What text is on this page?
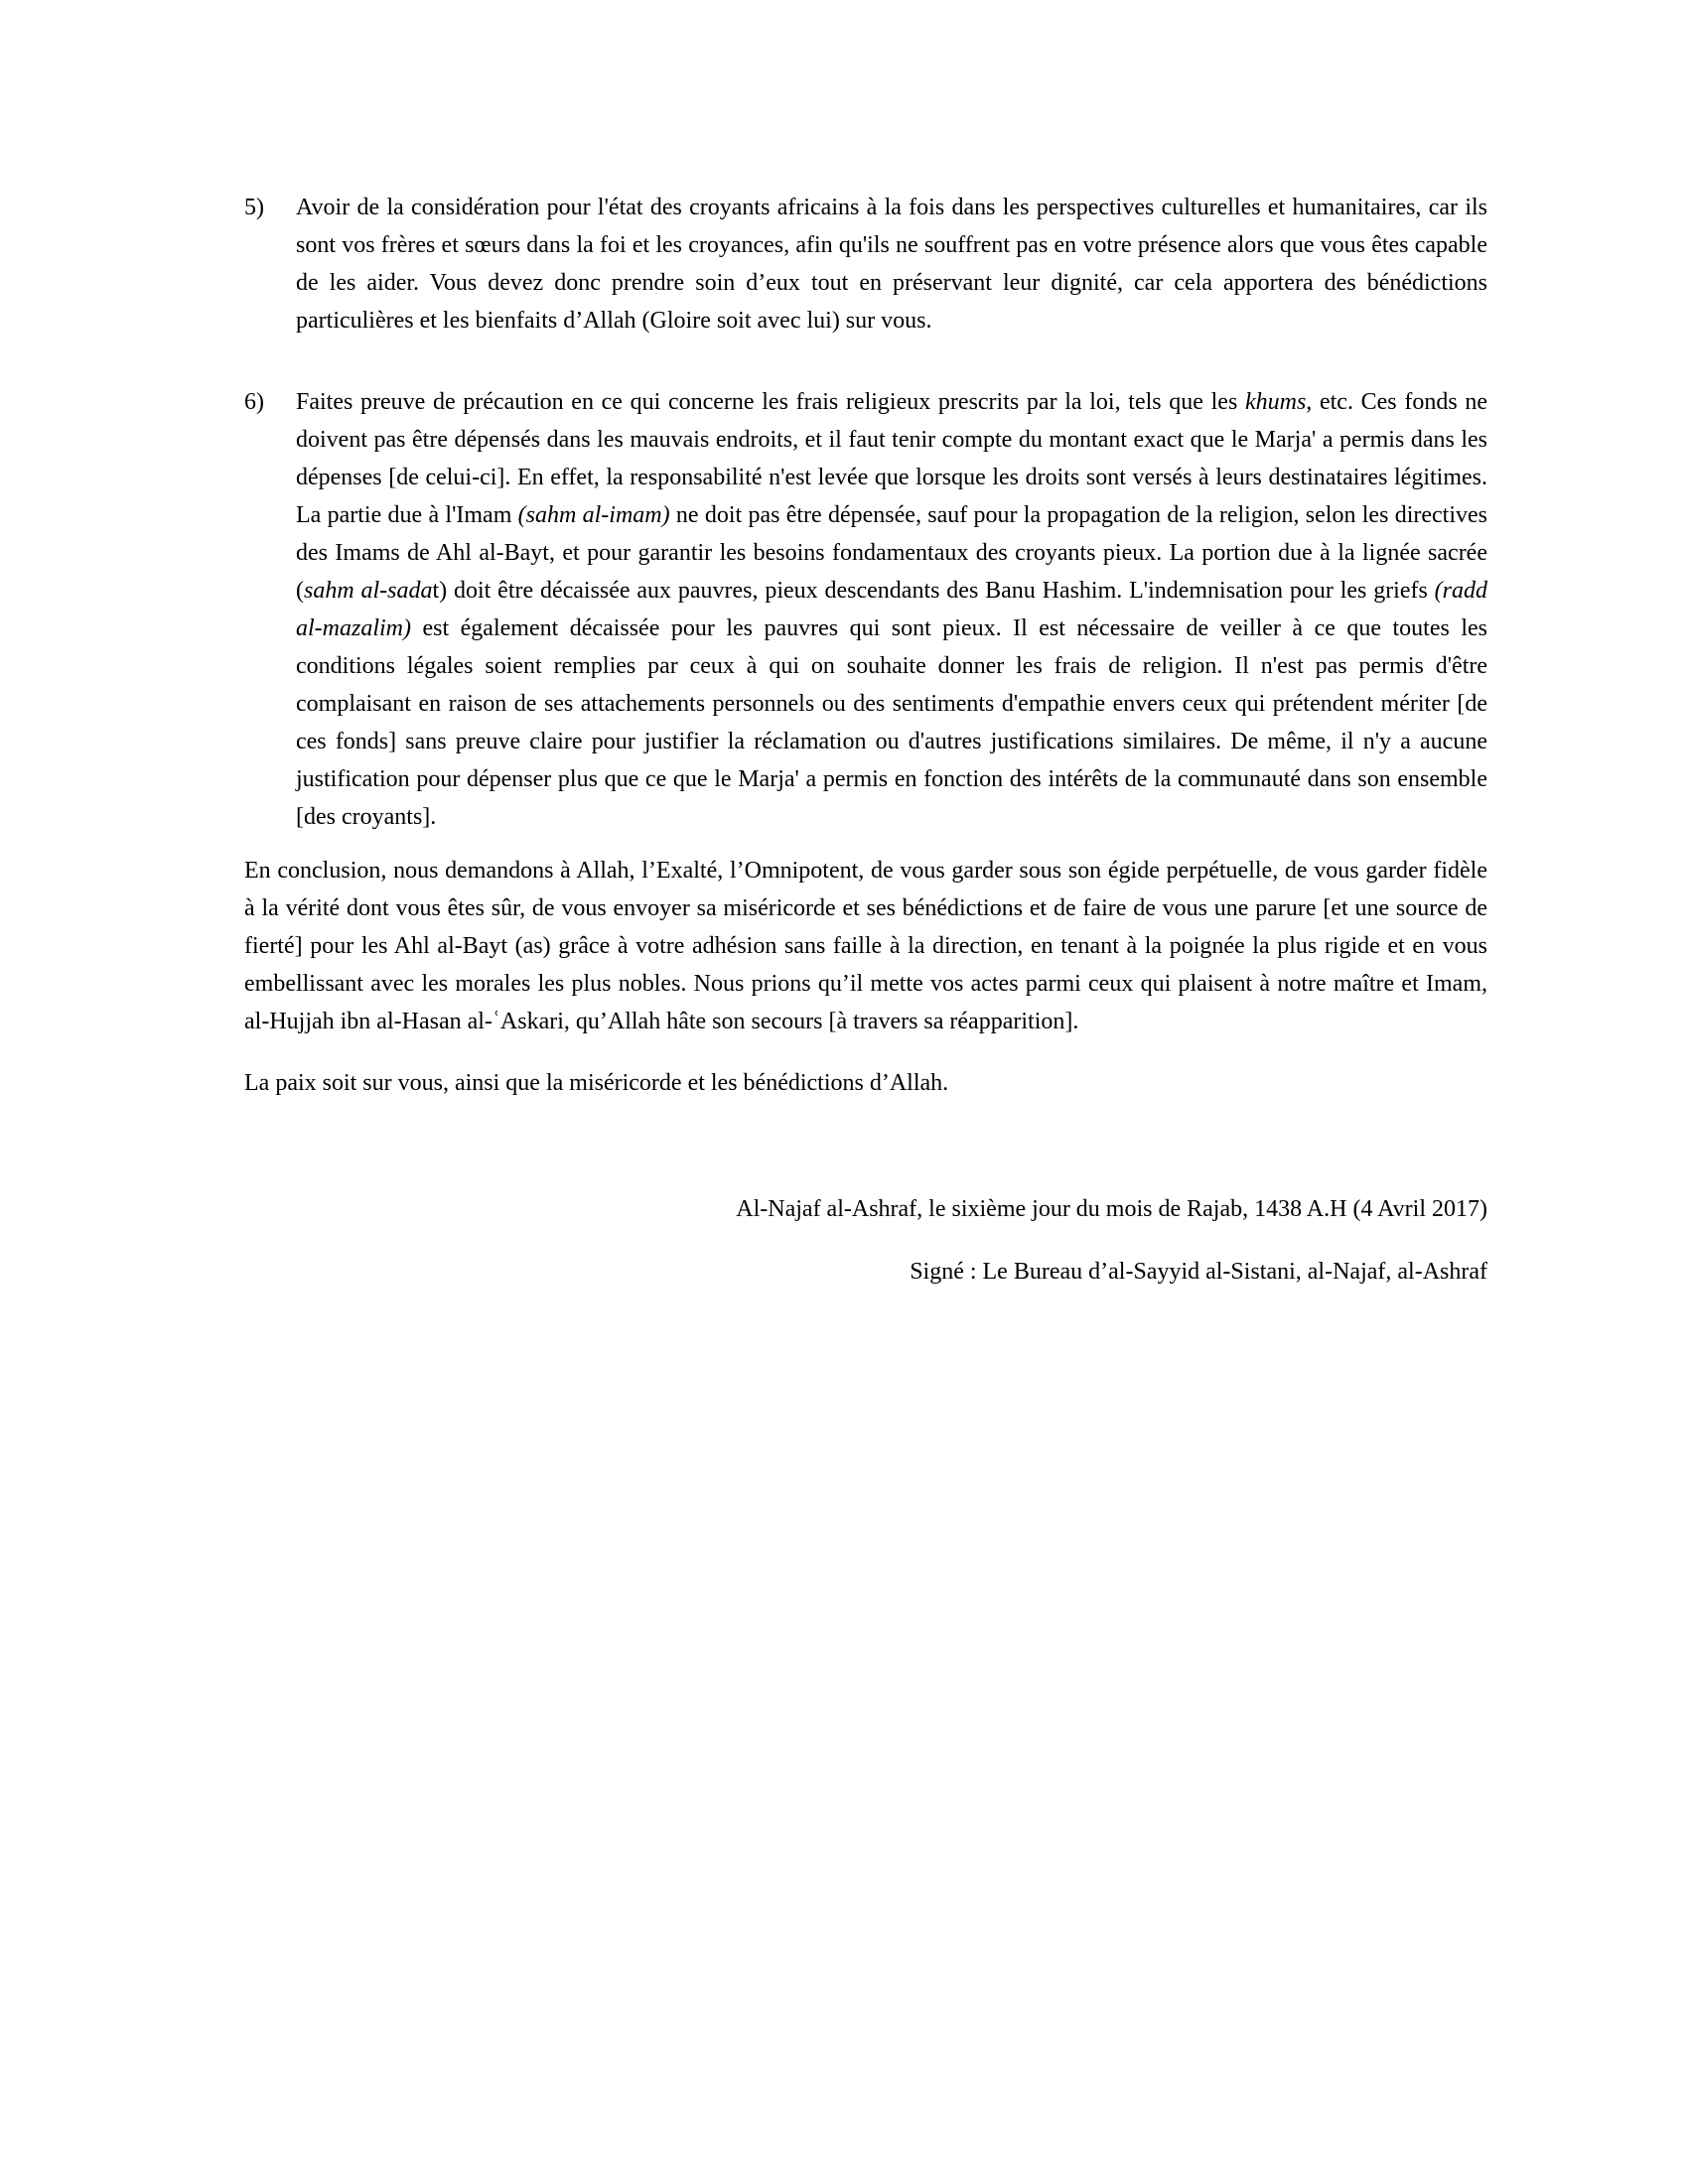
5)	Avoir de la considération pour l'état des croyants africains à la fois dans les perspectives culturelles et humanitaires, car ils sont vos frères et sœurs dans la foi et les croyances, afin qu'ils ne souffrent pas en votre présence alors que vous êtes capable de les aider. Vous devez donc prendre soin d’eux tout en préservant leur dignité, car cela apportera des bénédictions particulières et les bienfaits d’Allah (Gloire soit avec lui) sur vous.

6)	Faites preuve de précaution en ce qui concerne les frais religieux prescrits par la loi, tels que les khums, etc. Ces fonds ne doivent pas être dépensés dans les mauvais endroits, et il faut tenir compte du montant exact que le Marja' a permis dans les dépenses [de celui-ci]. En effet, la responsabilité n'est levée que lorsque les droits sont versés à leurs destinataires légitimes. La partie due à l'Imam (sahm al-imam) ne doit pas être dépensée, sauf pour la propagation de la religion, selon les directives des Imams de Ahl al-Bayt, et pour garantir les besoins fondamentaux des croyants pieux. La portion due à la lignée sacrée (sahm al-sadat) doit être décaissée aux pauvres, pieux descendants des Banu Hashim. L'indemnisation pour les griefs (radd al-mazalim) est également décaissée pour les pauvres qui sont pieux. Il est nécessaire de veiller à ce que toutes les conditions légales soient remplies par ceux à qui on souhaite donner les frais de religion. Il n'est pas permis d'être complaisant en raison de ses attachements personnels ou des sentiments d'empathie envers ceux qui prétendent mériter [de ces fonds] sans preuve claire pour justifier la réclamation ou d'autres justifications similaires. De même, il n'y a aucune justification pour dépenser plus que ce que le Marja' a permis en fonction des intérêts de la communauté dans son ensemble [des croyants].

En conclusion, nous demandons à Allah, l’Exalté, l’Omnipotent, de vous garder sous son égide perpétuelle, de vous garder fidèle à la vérité dont vous êtes sûr, de vous envoyer sa miséricorde et ses bénédictions et de faire de vous une parure [et une source de fierté] pour les Ahl al-Bayt (as) grâce à votre adhésion sans faille à la direction, en tenant à la poignée la plus rigide et en vous embellissant avec les morales les plus nobles. Nous prions qu’il mette vos actes parmi ceux qui plaisent à notre maître et Imam, al-Hujjah ibn al-Hasan al-ʿAskari, qu’Allah hâte son secours [à travers sa réapparition].

La paix soit sur vous, ainsi que la miséricorde et les bénédictions d’Allah.

Al-Najaf al-Ashraf, le sixième jour du mois de Rajab, 1438 A.H (4 Avril 2017)

Signé : Le Bureau d’al-Sayyid al-Sistani, al-Najaf, al-Ashraf
